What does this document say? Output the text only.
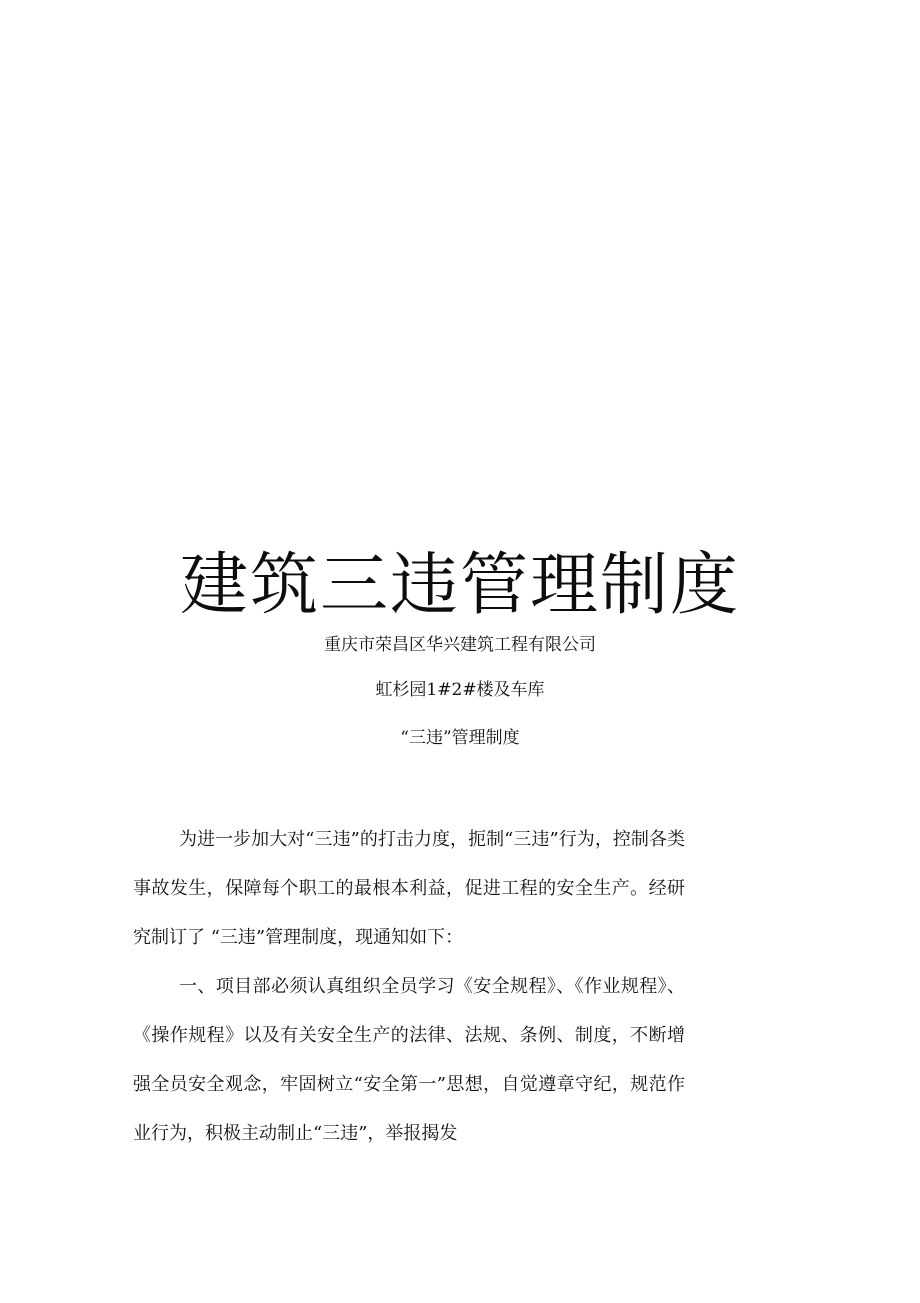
建筑三违管理制度
重庆市荣昌区华兴建筑工程有限公司
虹杉园1#2#楼及车库
“三违”管理制度

为进一步加大对“三违”的打击力度，扼制“三违”行为，控制各类事故发生，保障每个职工的最根本利益，促进工程的安全生产。经研究制订了 “三违”管理制度，现通知如下：

一、项目部必须认真组织全员学习《安全规程》、《作业规程》、《操作规程》以及有关安全生产的法律、法规、条例、制度，不断增强全员安全观念，牢固树立“安全第一”思想，自觉遵章守纪，规范作业行为，积极主动制止“三违”，举报揭发
